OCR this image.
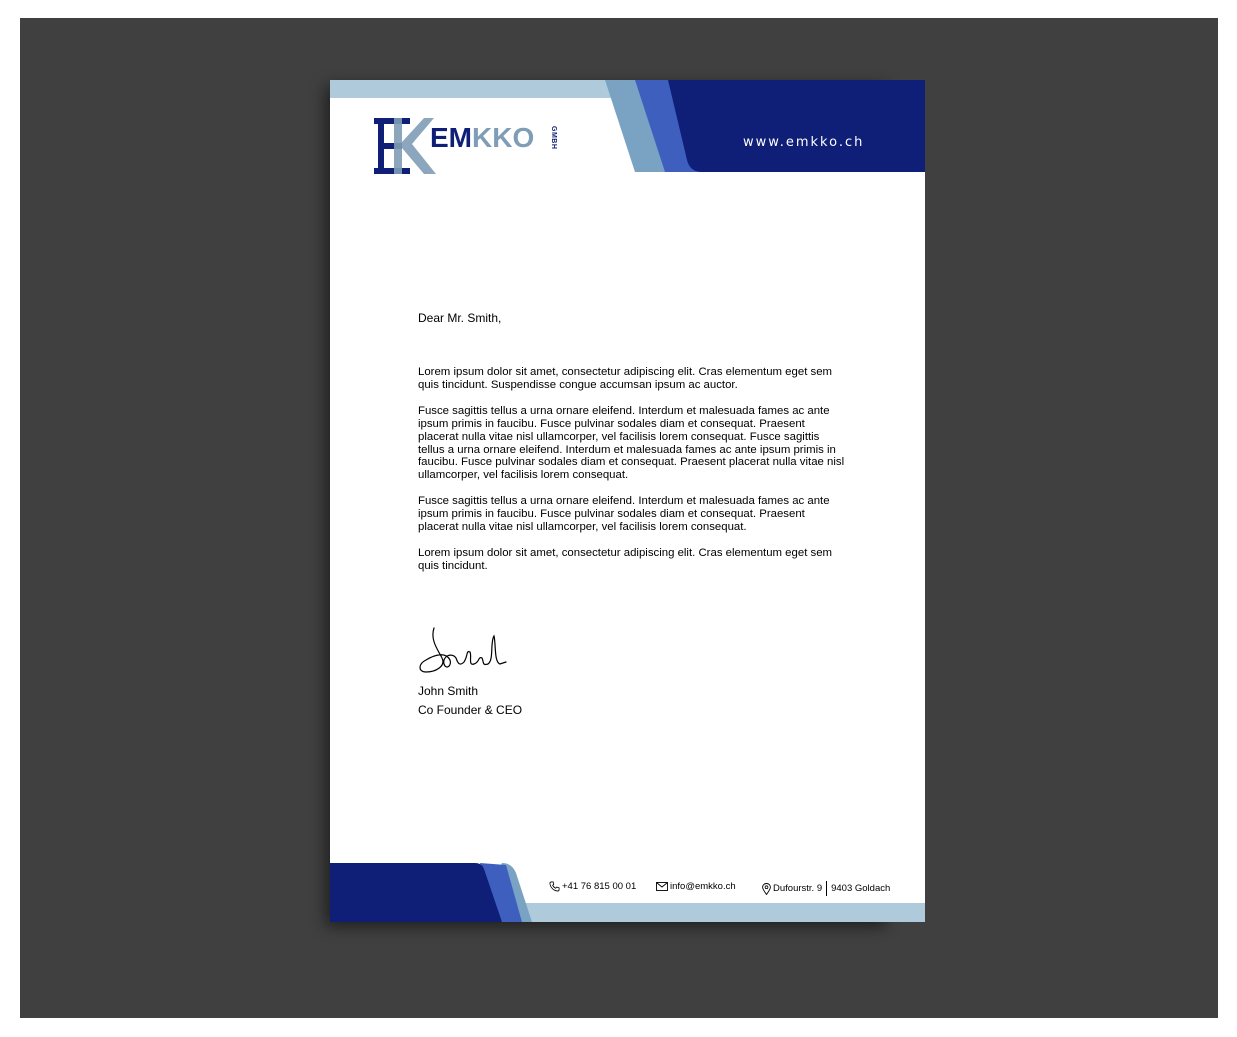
EMKKO GMBH	www.emkko.ch
Dear Mr. Smith,

Lorem ipsum dolor sit amet, consectetur adipiscing elit. Cras elementum eget sem quis tincidunt. Suspendisse congue accumsan ipsum ac auctor.

Fusce sagittis tellus a urna ornare eleifend. Interdum et malesuada fames ac ante ipsum primis in faucibu. Fusce pulvinar sodales diam et consequat. Praesent placerat nulla vitae nisl ullamcorper, vel facilisis lorem consequat. Fusce sagittis tellus a urna ornare eleifend. Interdum et malesuada fames ac ante ipsum primis in faucibu. Fusce pulvinar sodales diam et consequat. Praesent placerat nulla vitae nisl ullamcorper, vel facilisis lorem consequat.

Fusce sagittis tellus a urna ornare eleifend. Interdum et malesuada fames ac ante ipsum primis in faucibu. Fusce pulvinar sodales diam et consequat. Praesent placerat nulla vitae nisl ullamcorper, vel facilisis lorem consequat.

Lorem ipsum dolor sit amet, consectetur adipiscing elit. Cras elementum eget sem quis tincidunt.

John Smith
Co Founder & CEO
+41 76 815 00 01	info@emkko.ch	Dufourstr. 9 9403 Goldach
